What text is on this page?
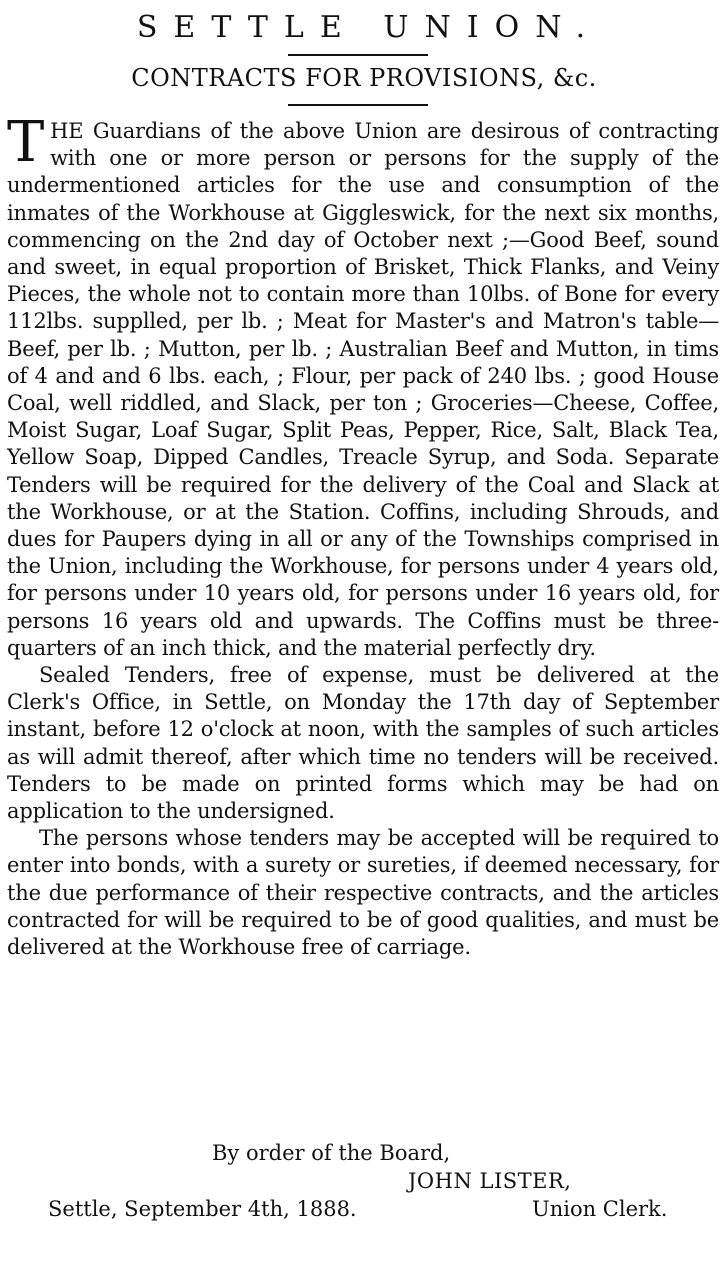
SETTLE UNION.
CONTRACTS FOR PROVISIONS, &c.

THE Guardians of the above Union are desirous of contracting with one or more person or persons for the supply of the undermentioned articles for the use and consumption of the inmates of the Workhouse at Giggleswick, for the next six months, commencing on the 2nd day of October next ;—Good Beef, sound and sweet, in equal proportion of Brisket, Thick Flanks, and Veiny Pieces, the whole not to contain more than 10lbs. of Bone for every 112lbs. supplled, per lb. ; Meat for Master's and Matron's table—Beef, per lb. ; Mutton, per lb. ; Australian Beef and Mutton, in tims of 4 and and 6 lbs. each, ; Flour, per pack of 240 lbs. ; good House Coal, well riddled, and Slack, per ton ; Groceries—Cheese, Coffee, Moist Sugar, Loaf Sugar, Split Peas, Pepper, Rice, Salt, Black Tea, Yellow Soap, Dipped Candles, Treacle Syrup, and Soda. Separate Tenders will be required for the delivery of the Coal and Slack at the Workhouse, or at the Station. Coffins, including Shrouds, and dues for Paupers dying in all or any of the Townships comprised in the Union, including the Workhouse, for persons under 4 years old, for persons under 10 years old, for persons under 16 years old, for persons 16 years old and upwards. The Coffins must be three-quarters of an inch thick, and the material perfectly dry.

Sealed Tenders, free of expense, must be delivered at the Clerk's Office, in Settle, on Monday the 17th day of September instant, before 12 o'clock at noon, with the samples of such articles as will admit thereof, after which time no tenders will be received. Tenders to be made on printed forms which may be had on application to the undersigned.

The persons whose tenders may be accepted will be required to enter into bonds, with a surety or sureties, if deemed necessary, for the due performance of their respective contracts, and the articles contracted for will be required to be of good qualities, and must be delivered at the Workhouse free of carriage.

By order of the Board,
JOHN LISTER,
Settle, September 4th, 1888.	Union Clerk.
